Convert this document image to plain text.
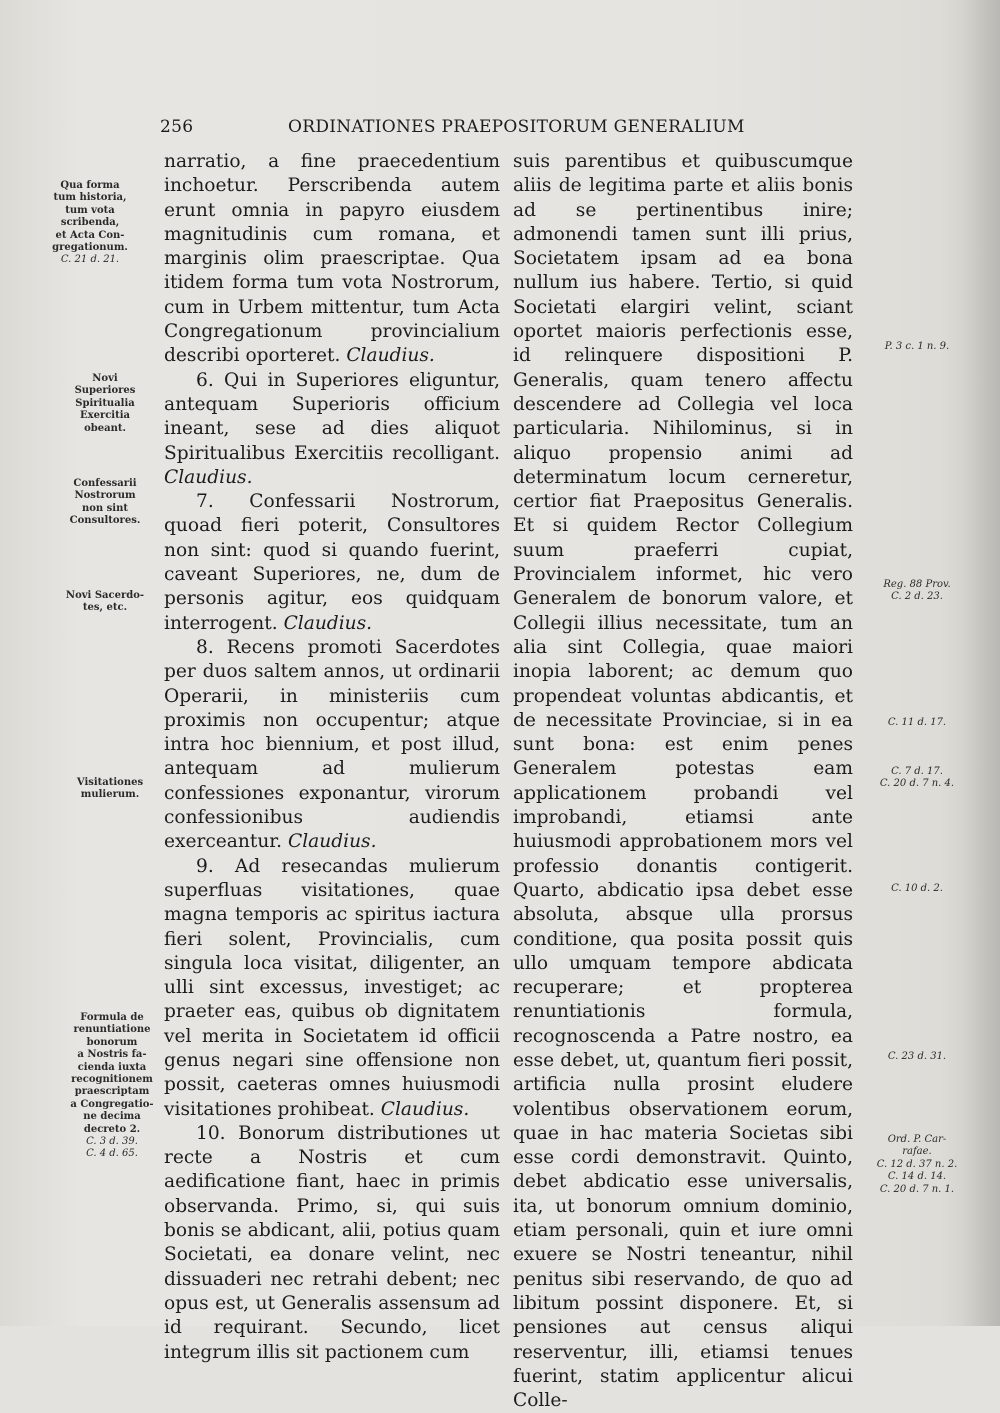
256	ORDINATIONES PRAEPOSITORUM GENERALIUM
Qua forma
tum historia,
tum vota
scribenda,
et Acta Con-
gregationum.
C. 21 d. 21.
Novi
Superiores
Spiritualia
Exercitia
obeant.
Confessarii
Nostrorum
non sint
Consultores.
Novi Sacerdo-
tes, etc.
Visitationes
mulierum.
Formula de
renuntiatione
bonorum
a Nostris fa-
cienda iuxta
recognitionem
praescriptam
a Congregatio-
ne decima
decreto 2.
C. 3 d. 39.
C. 4 d. 65.

narratio, a fine praecedentium inchoetur. Perscribenda autem erunt omnia in papyro eiusdem magnitudinis cum romana, et marginis olim praescriptae. Qua itidem forma tum vota Nostrorum, cum in Urbem mittentur, tum Acta Congregationum provincialium describi oporteret. Claudius.

6. Qui in Superiores eliguntur, antequam Superioris officium ineant, sese ad dies aliquot Spiritualibus Exercitiis recolligant. Claudius.

7. Confessarii Nostrorum, quoad fieri poterit, Consultores non sint: quod si quando fuerint, caveant Superiores, ne, dum de personis agitur, eos quidquam interrogent. Claudius.

8. Recens promoti Sacerdotes per duos saltem annos, ut ordinarii Operarii, in ministeriis cum proximis non occupentur; atque intra hoc biennium, et post illud, antequam ad mulierum confessiones exponantur, virorum confessionibus audiendis exerceantur. Claudius.

9. Ad resecandas mulierum superfluas visitationes, quae magna temporis ac spiritus iactura fieri solent, Provincialis, cum singula loca visitat, diligenter, an ulli sint excessus, investiget; ac praeter eas, quibus ob dignitatem vel merita in Societatem id officii genus negari sine offensione non possit, caeteras omnes huiusmodi visitationes prohibeat. Claudius.

10. Bonorum distributiones ut recte a Nostris et cum aedificatione fiant, haec in primis observanda. Primo, si, qui suis bonis se abdicant, alii, potius quam Societati, ea donare velint, nec dissuaderi nec retrahi debent; nec opus est, ut Generalis assensum ad id requirant. Secundo, licet integrum illis sit pactionem cum

suis parentibus et quibuscumque aliis de legitima parte et aliis bonis ad se pertinentibus inire; admonendi tamen sunt illi prius, Societatem ipsam ad ea bona nullum ius habere. Tertio, si quid Societati elargiri velint, sciant oportet maioris perfectionis esse, id relinquere dispositioni P. Generalis, quam tenero affectu descendere ad Collegia vel loca particularia. Nihilominus, si in aliquo propensio animi ad determinatum locum cerneretur, certior fiat Praepositus Generalis. Et si quidem Rector Collegium suum praeferri cupiat, Provincialem informet, hic vero Generalem de bonorum valore, et Collegii illius necessitate, tum an alia sint Collegia, quae maiori inopia laborent; ac demum quo propendeat voluntas abdicantis, et de necessitate Provinciae, si in ea sunt bona: est enim penes Generalem potestas eam applicationem probandi vel improbandi, etiamsi ante huiusmodi approbationem mors vel professio donantis contigerit. Quarto, abdicatio ipsa debet esse absoluta, absque ulla prorsus conditione, qua posita possit quis ullo umquam tempore abdicata recuperare; et propterea renuntiationis formula, recognoscenda a Patre nostro, ea esse debet, ut, quantum fieri possit, artificia nulla prosint eludere volentibus observationem eorum, quae in hac materia Societas sibi esse cordi demonstravit. Quinto, debet abdicatio esse universalis, ita, ut bonorum omnium dominio, etiam personali, quin et iure omni exuere se Nostri teneantur, nihil penitus sibi reservando, de quo ad libitum possint disponere. Et, si pensiones aut census aliqui reserventur, illi, etiamsi tenues fuerint, statim applicentur alicui Colle-

P. 3 c. 1 n. 9.
Reg. 88 Prov.
C. 2 d. 23.
C. 11 d. 17.
C. 7 d. 17.
C. 20 d. 7 n. 4.
C. 10 d. 2.
C. 23 d. 31.
Ord. P. Car-
rafae.
C. 12 d. 37 n. 2.
C. 14 d. 14.
C. 20 d. 7 n. 1.
